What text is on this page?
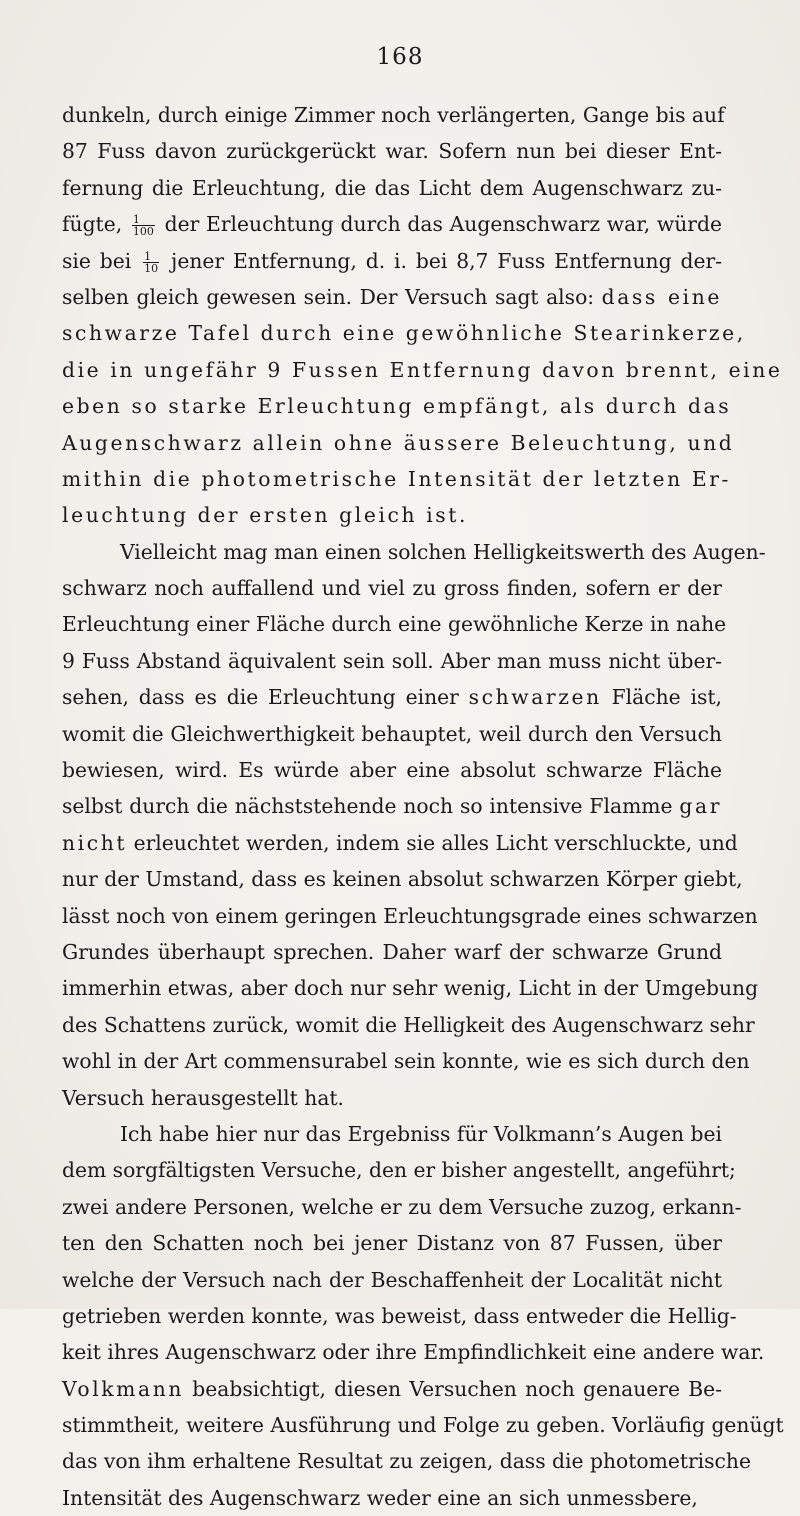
168
dunkeln, durch einige Zimmer noch verlängerten, Gange bis auf
87 Fuss davon zurückgerückt war. Sofern nun bei dieser Ent-
fernung die Erleuchtung, die das Licht dem Augenschwarz zu-
fügte, $\frac{1}{100}$ der Erleuchtung durch das Augenschwarz war, würde
sie bei $\frac{1}{10}$ jener Entfernung, d. i. bei 8,7 Fuss Entfernung der-
selben gleich gewesen sein. Der Versuch sagt also: dass eine
schwarze Tafel durch eine gewöhnliche Stearinkerze,
die in ungefähr 9 Fussen Entfernung davon brennt, eine
eben so starke Erleuchtung empfängt, als durch das
Augenschwarz allein ohne äussere Beleuchtung, und
mithin die photometrische Intensität der letzten Er-
leuchtung der ersten gleich ist.
Vielleicht mag man einen solchen Helligkeitswerth des Augen-
schwarz noch auffallend und viel zu gross finden, sofern er der
Erleuchtung einer Fläche durch eine gewöhnliche Kerze in nahe
9 Fuss Abstand äquivalent sein soll. Aber man muss nicht über-
sehen, dass es die Erleuchtung einer schwarzen Fläche ist,
womit die Gleichwerthigkeit behauptet, weil durch den Versuch
bewiesen, wird. Es würde aber eine absolut schwarze Fläche
selbst durch die nächststehende noch so intensive Flamme gar
nicht erleuchtet werden, indem sie alles Licht verschluckte, und
nur der Umstand, dass es keinen absolut schwarzen Körper giebt,
lässt noch von einem geringen Erleuchtungsgrade eines schwarzen
Grundes überhaupt sprechen. Daher warf der schwarze Grund
immerhin etwas, aber doch nur sehr wenig, Licht in der Umgebung
des Schattens zurück, womit die Helligkeit des Augenschwarz sehr
wohl in der Art commensurabel sein konnte, wie es sich durch den
Versuch herausgestellt hat.
Ich habe hier nur das Ergebniss für Volkmann’s Augen bei
dem sorgfältigsten Versuche, den er bisher angestellt, angeführt;
zwei andere Personen, welche er zu dem Versuche zuzog, erkann-
ten den Schatten noch bei jener Distanz von 87 Fussen, über
welche der Versuch nach der Beschaffenheit der Localität nicht
getrieben werden konnte, was beweist, dass entweder die Hellig-
keit ihres Augenschwarz oder ihre Empfindlichkeit eine andere war.
Volkmann beabsichtigt, diesen Versuchen noch genauere Be-
stimmtheit, weitere Ausführung und Folge zu geben. Vorläufig genügt
das von ihm erhaltene Resultat zu zeigen, dass die photometrische
Intensität des Augenschwarz weder eine an sich unmessbere,
